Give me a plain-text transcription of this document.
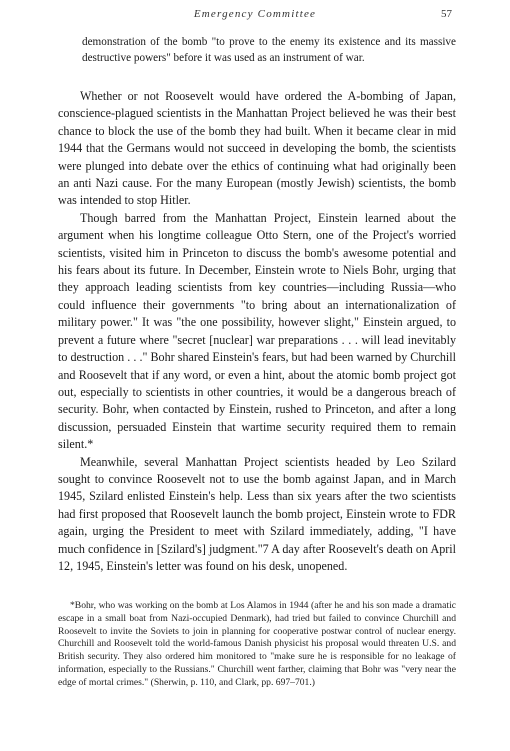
Emergency Committee	57

demonstration of the bomb "to prove to the enemy its existence and its massive destructive powers" before it was used as an instrument of war.

Whether or not Roosevelt would have ordered the A-bombing of Japan, conscience-plagued scientists in the Manhattan Project believed he was their best chance to block the use of the bomb they had built. When it became clear in mid 1944 that the Germans would not succeed in developing the bomb, the scientists were plunged into debate over the ethics of continuing what had originally been an anti Nazi cause. For the many European (mostly Jewish) scientists, the bomb was intended to stop Hitler.

Though barred from the Manhattan Project, Einstein learned about the argument when his longtime colleague Otto Stern, one of the Project's worried scientists, visited him in Princeton to discuss the bomb's awesome potential and his fears about its future. In December, Einstein wrote to Niels Bohr, urging that they approach leading scientists from key countries—including Russia—who could influence their governments "to bring about an internationalization of military power." It was "the one possibility, however slight," Einstein argued, to prevent a future where "secret [nuclear] war preparations . . . will lead inevitably to destruction . . ." Bohr shared Einstein's fears, but had been warned by Churchill and Roosevelt that if any word, or even a hint, about the atomic bomb project got out, especially to scientists in other countries, it would be a dangerous breach of security. Bohr, when contacted by Einstein, rushed to Princeton, and after a long discussion, persuaded Einstein that wartime security required them to remain silent.*

Meanwhile, several Manhattan Project scientists headed by Leo Szilard sought to convince Roosevelt not to use the bomb against Japan, and in March 1945, Szilard enlisted Einstein's help. Less than six years after the two scientists had first proposed that Roosevelt launch the bomb project, Einstein wrote to FDR again, urging the President to meet with Szilard immediately, adding, "I have much confidence in [Szilard's] judgment."7 A day after Roosevelt's death on April 12, 1945, Einstein's letter was found on his desk, unopened.

*Bohr, who was working on the bomb at Los Alamos in 1944 (after he and his son made a dramatic escape in a small boat from Nazi-occupied Denmark), had tried but failed to convince Churchill and Roosevelt to invite the Soviets to join in planning for cooperative postwar control of nuclear energy. Churchill and Roosevelt told the world-famous Danish physicist his proposal would threaten U.S. and British security. They also ordered him monitored to "make sure he is responsible for no leakage of information, especially to the Russians." Churchill went farther, claiming that Bohr was "very near the edge of mortal crimes." (Sherwin, p. 110, and Clark, pp. 697–701.)
